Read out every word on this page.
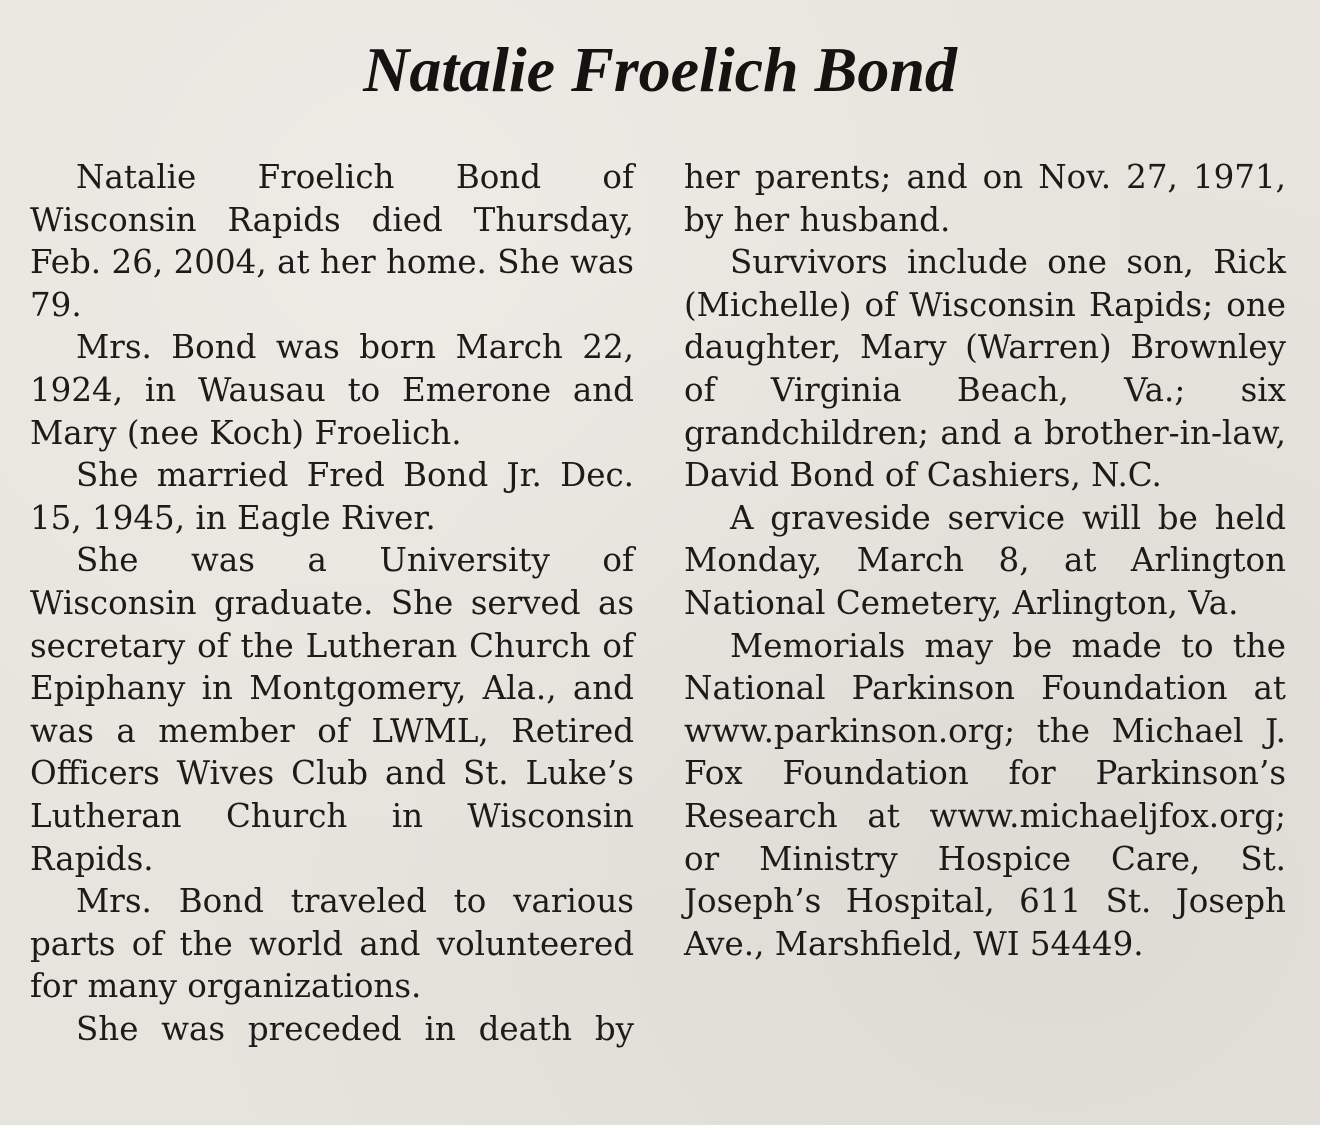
Natalie Froelich Bond

Natalie Froelich Bond of Wisconsin Rapids died Thursday, Feb. 26, 2004, at her home. She was 79.

Mrs. Bond was born March 22, 1924, in Wausau to Emerone and Mary (nee Koch) Froelich.

She married Fred Bond Jr. Dec. 15, 1945, in Eagle River.

She was a University of Wisconsin graduate. She served as secretary of the Lutheran Church of Epiphany in Montgomery, Ala., and was a member of LWML, Retired Officers Wives Club and St. Luke’s Lutheran Church in Wisconsin Rapids.

Mrs. Bond traveled to various parts of the world and volunteered for many organizations.

She was preceded in death by

her parents; and on Nov. 27, 1971, by her husband.

Survivors include one son, Rick (Michelle) of Wisconsin Rapids; one daughter, Mary (Warren) Brownley of Virginia Beach, Va.; six grandchildren; and a brother-in-law, David Bond of Cashiers, N.C.

A graveside service will be held Monday, March 8, at Arlington National Cemetery, Arlington, Va.

Memorials may be made to the National Parkinson Foundation at www.parkinson.org; the Michael J. Fox Foundation for Parkinson’s Research at www.michaeljfox.org; or Ministry Hospice Care, St. Joseph’s Hospital, 611 St. Joseph Ave., Marshfield, WI 54449.
